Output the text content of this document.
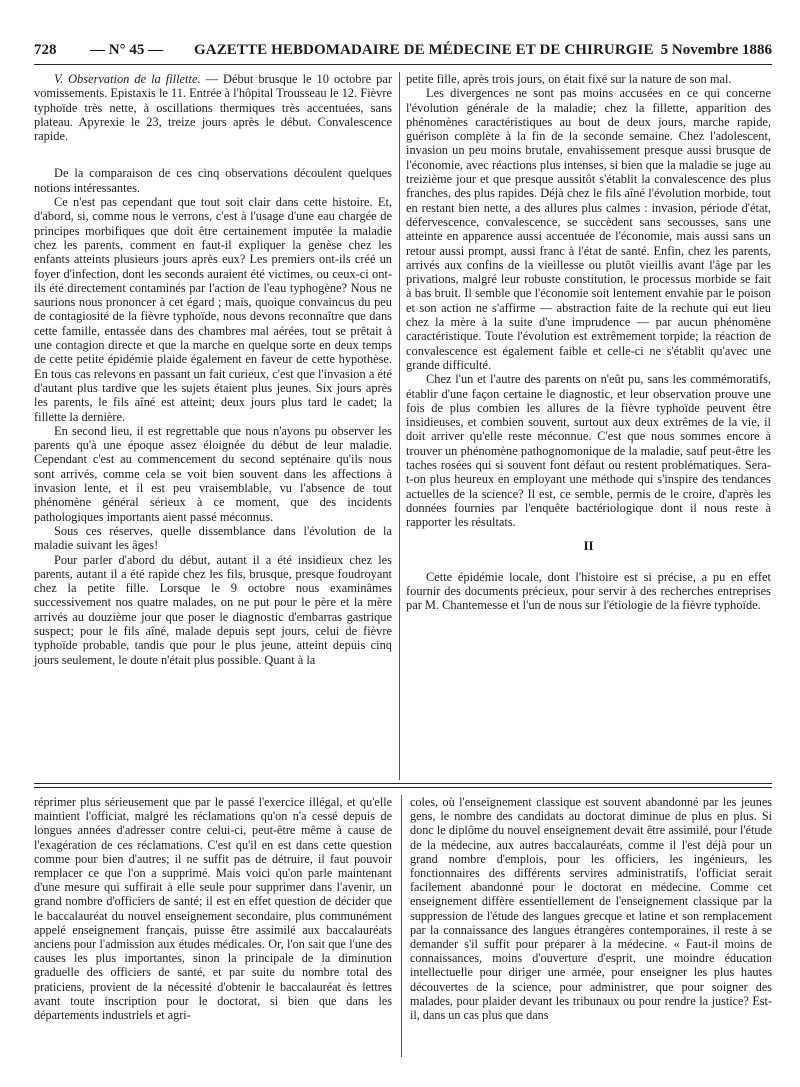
728 — N° 45 — GAZETTE HEBDOMADAIRE DE MÉDECINE ET DE CHIRURGIE 5 Novembre 1886

V. Observation de la fillette. — Début brusque le 10 octobre par vomissements. Epistaxis le 11. Entrée à l'hôpital Trousseau le 12. Fièvre typhoïde très nette, à oscillations thermiques très accentuées, sans plateau. Apyrexie le 23, treize jours après le début. Convalescence rapide.

De la comparaison de ces cinq observations découlent quelques notions intéressantes.

Ce n'est pas cependant que tout soit clair dans cette histoire. Et, d'abord, si, comme nous le verrons, c'est à l'usage d'une eau chargée de principes morbifiques que doit être certainement imputée la maladie chez les parents, comment en faut-il expliquer la genèse chez les enfants atteints plusieurs jours après eux? Les premiers ont-ils créé un foyer d'infection, dont les seconds auraient été victimes, ou ceux-ci ont-ils été directement contaminés par l'action de l'eau typhogène? Nous ne saurions nous prononcer à cet égard ; mais, quoique convaincus du peu de contagiosité de la fièvre typhoïde, nous devons reconnaître que dans cette famille, entassée dans des chambres mal aérées, tout se prêtait à une contagion directe et que la marche en quelque sorte en deux temps de cette petite épidémie plaide également en faveur de cette hypothèse. En tous cas relevons en passant un fait curieux, c'est que l'invasion a été d'autant plus tardive que les sujets étaient plus jeunes. Six jours après les parents, le fils aîné est atteint; deux jours plus tard le cadet; la fillette la dernière.

En second lieu, il est regrettable que nous n'ayons pu observer les parents qu'à une époque assez éloignée du début de leur maladie. Cependant c'est au commencement du second septénaire qu'ils nous sont arrivés, comme cela se voit bien souvent dans les affections à invasion lente, et il est peu vraisemblable, vu l'absence de tout phénomène général sérieux à ce moment, que des incidents pathologiques importants aient passé méconnus.

Sous ces réserves, quelle dissemblance dans l'évolution de la maladie suivant les âges!

Pour parler d'abord du début, autant il a été insidieux chez les parents, autant il a été rapide chez les fils, brusque, presque foudroyant chez la petite fille. Lorsque le 9 octobre nous examinâmes successivement nos quatre malades, on ne put pour le père et la mère arrivés au douzième jour que poser le diagnostic d'embarras gastrique suspect; pour le fils aîné, malade depuis sept jours, celui de fièvre typhoïde probable, tandis que pour le plus jeune, atteint depuis cinq jours seulement, le doute n'était plus possible. Quant à la

petite fille, après trois jours, on était fixé sur la nature de son mal.

Les divergences ne sont pas moins accusées en ce qui concerne l'évolution générale de la maladie; chez la fillette, apparition des phénomènes caractéristiques au bout de deux jours, marche rapide, guérison complète à la fin de la seconde semaine. Chez l'adolescent, invasion un peu moins brutale, envahissement presque aussi brusque de l'économie, avec réactions plus intenses, si bien que la maladie se juge au treizième jour et que presque aussitôt s'établit la convalescence des plus franches, des plus rapides. Déjà chez le fils aîné l'évolution morbide, tout en restant bien nette, a des allures plus calmes : invasion, période d'état, défervescence, convalescence, se succèdent sans secousses, sans une atteinte en apparence aussi accentuée de l'économie, mais aussi sans un retour aussi prompt, aussi franc à l'état de santé. Enfin, chez les parents, arrivés aux confins de la vieillesse ou plutôt vieillis avant l'âge par les privations, malgré leur robuste constitution, le processus morbide se fait à bas bruit. Il semble que l'économie soit lentement envahie par le poison et son action ne s'affirme — abstraction faite de la rechute qui eut lieu chez la mère à la suite d'une imprudence — par aucun phénomène caractéristique. Toute l'évolution est extrêmement torpide; la réaction de convalescence est également faible et celle-ci ne s'établit qu'avec une grande difficulté.

Chez l'un et l'autre des parents on n'eût pu, sans les commémoratifs, établir d'une façon certaine le diagnostic, et leur observation prouve une fois de plus combien les allures de la fièvre typhoïde peuvent être insidieuses, et combien souvent, surtout aux deux extrêmes de la vie, il doit arriver qu'elle reste méconnue. C'est que nous sommes encore à trouver un phénomène pathognomonique de la maladie, sauf peut-être les taches rosées qui si souvent font défaut ou restent problématiques. Sera-t-on plus heureux en employant une méthode qui s'inspire des tendances actuelles de la science? Il est, ce semble, permis de le croire, d'après les données fournies par l'enquête bactériologique dont il nous reste à rapporter les résultats.

II

Cette épidémie locale, dont l'histoire est si précise, a pu en effet fournir des documents précieux, pour servir à des recherches entreprises par M. Chantemesse et l'un de nous sur l'étiologie de la fièvre typhoïde.

réprimer plus sérieusement que par le passé l'exercice illégal, et qu'elle maintient l'officiat, malgré les réclamations qu'on n'a cessé depuis de longues années d'adresser contre celui-ci, peut-être même à cause de l'exagération de ces réclamations. C'est qu'il en est dans cette question comme pour bien d'autres; il ne suffit pas de détruire, il faut pouvoir remplacer ce que l'on a supprimé. Mais voici qu'on parle maintenant d'une mesure qui suffirait à elle seule pour supprimer dans l'avenir, un grand nombre d'officiers de santé; il est en effet question de décider que le baccalauréat du nouvel enseignement secondaire, plus communément appelé enseignement français, puisse être assimilé aux baccalauréats anciens pour l'admission aux études médicales. Or, l'on sait que l'une des causes les plus importantes, sinon la principale de la diminution graduelle des officiers de santé, et par suite du nombre total des praticiens, provient de la nécessité d'obtenir le baccalauréat ès lettres avant toute inscription pour le doctorat, si bien que dans les départements industriels et agri-

coles, où l'enseignement classique est souvent abandonné par les jeunes gens, le nombre des candidats au doctorat diminue de plus en plus. Si donc le diplôme du nouvel enseignement devait être assimilé, pour l'étude de la médecine, aux autres baccalauréats, comme il l'est déjà pour un grand nombre d'emplois, pour les officiers, les ingénieurs, les fonctionnaires des différents servires administratifs, l'officiat serait facilement abandonné pour le doctorat en médecine. Comme cet enseignement diffère essentiellement de l'enseignement classique par la suppression de l'étude des langues grecque et latine et son remplacement par la connaissance des langues étrangères contemporaines, il reste à se demander s'il suffit pour préparer à la médecine. « Faut-il moins de connaissances, moins d'ouverture d'esprit, une moindre éducation intellectuelle pour diriger une armée, pour enseigner les plus hautes découvertes de la science, pour administrer, que pour soigner des malades, pour plaider devant les tribunaux ou pour rendre la justice? Est-il, dans un cas plus que dans
